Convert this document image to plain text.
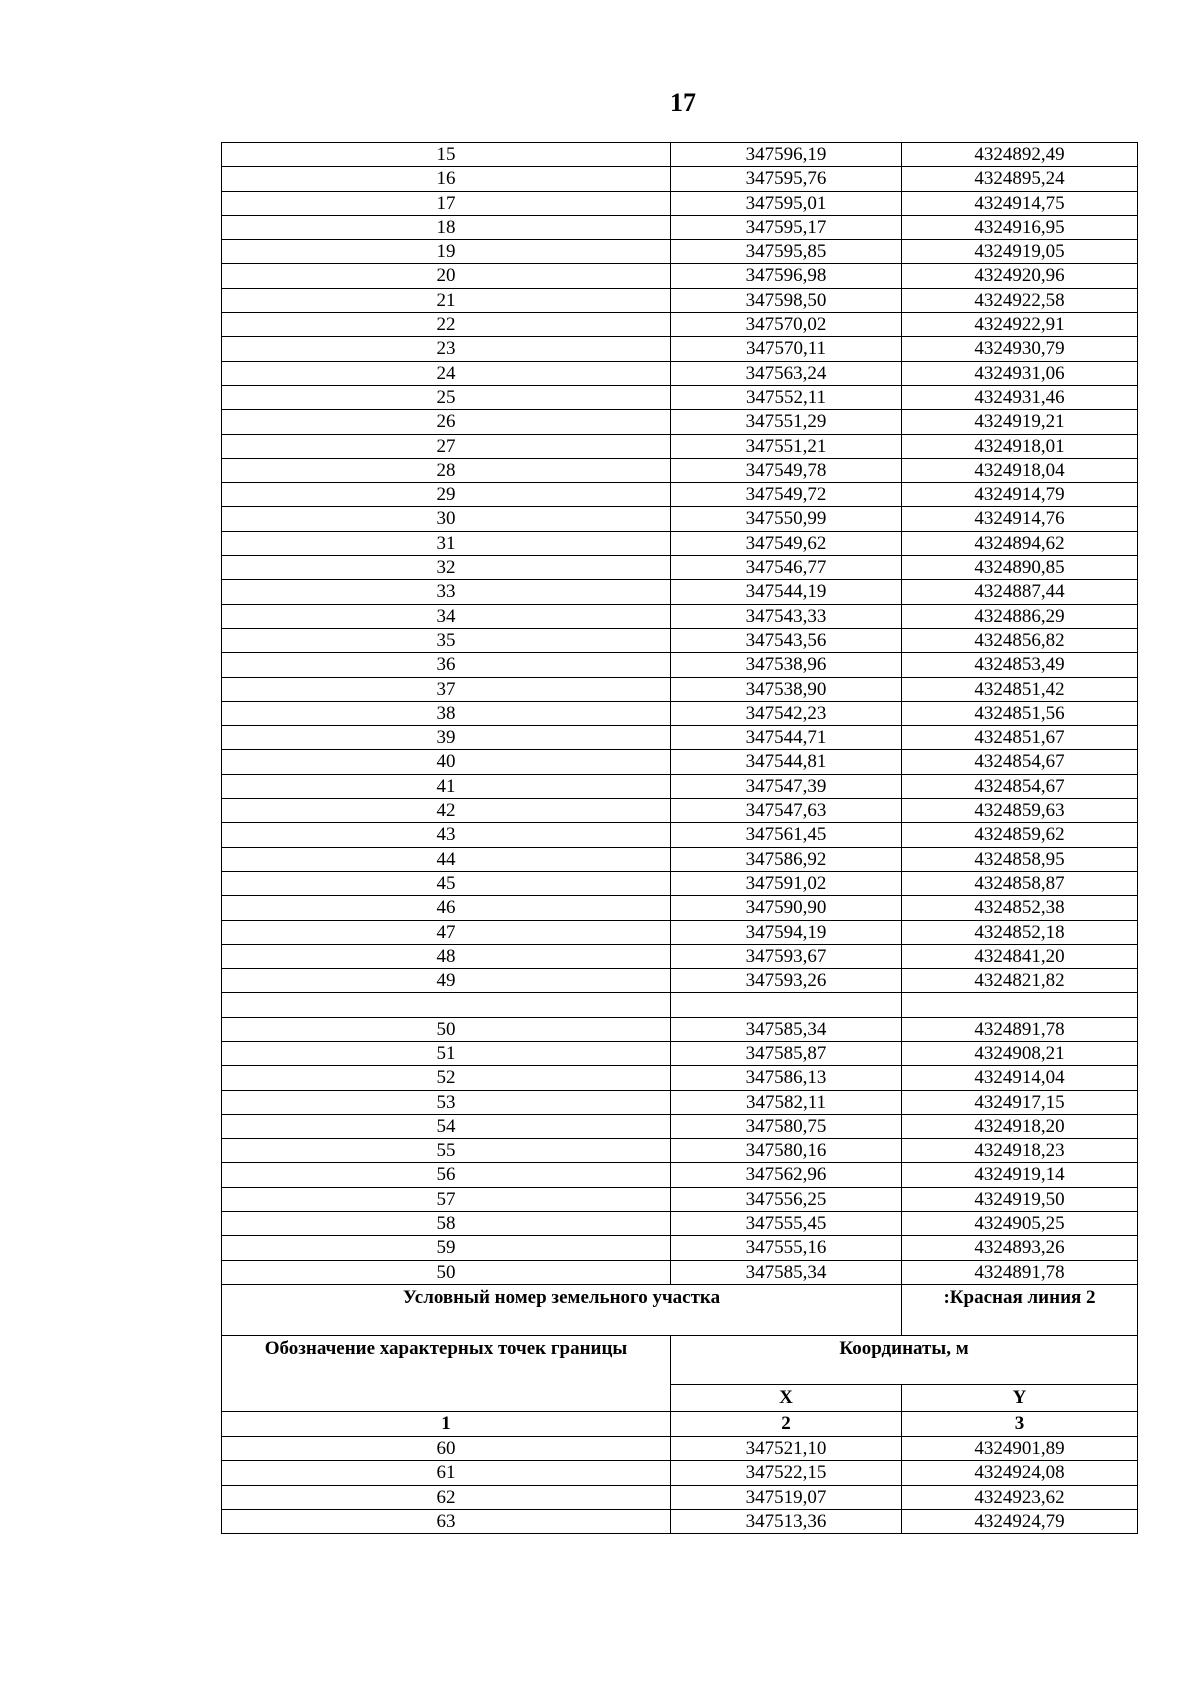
17
15	347596,19	4324892,49
16	347595,76	4324895,24
17	347595,01	4324914,75
18	347595,17	4324916,95
19	347595,85	4324919,05
20	347596,98	4324920,96
21	347598,50	4324922,58
22	347570,02	4324922,91
23	347570,11	4324930,79
24	347563,24	4324931,06
25	347552,11	4324931,46
26	347551,29	4324919,21
27	347551,21	4324918,01
28	347549,78	4324918,04
29	347549,72	4324914,79
30	347550,99	4324914,76
31	347549,62	4324894,62
32	347546,77	4324890,85
33	347544,19	4324887,44
34	347543,33	4324886,29
35	347543,56	4324856,82
36	347538,96	4324853,49
37	347538,90	4324851,42
38	347542,23	4324851,56
39	347544,71	4324851,67
40	347544,81	4324854,67
41	347547,39	4324854,67
42	347547,63	4324859,63
43	347561,45	4324859,62
44	347586,92	4324858,95
45	347591,02	4324858,87
46	347590,90	4324852,38
47	347594,19	4324852,18
48	347593,67	4324841,20
49	347593,26	4324821,82

50	347585,34	4324891,78
51	347585,87	4324908,21
52	347586,13	4324914,04
53	347582,11	4324917,15
54	347580,75	4324918,20
55	347580,16	4324918,23
56	347562,96	4324919,14
57	347556,25	4324919,50
58	347555,45	4324905,25
59	347555,16	4324893,26
50	347585,34	4324891,78
Условный номер земельного участка		:Красная линия 2
Обозначение характерных точек границы	Координаты, м	
	X	Y
1	2	3
60	347521,10	4324901,89
61	347522,15	4324924,08
62	347519,07	4324923,62
63	347513,36	4324924,79
